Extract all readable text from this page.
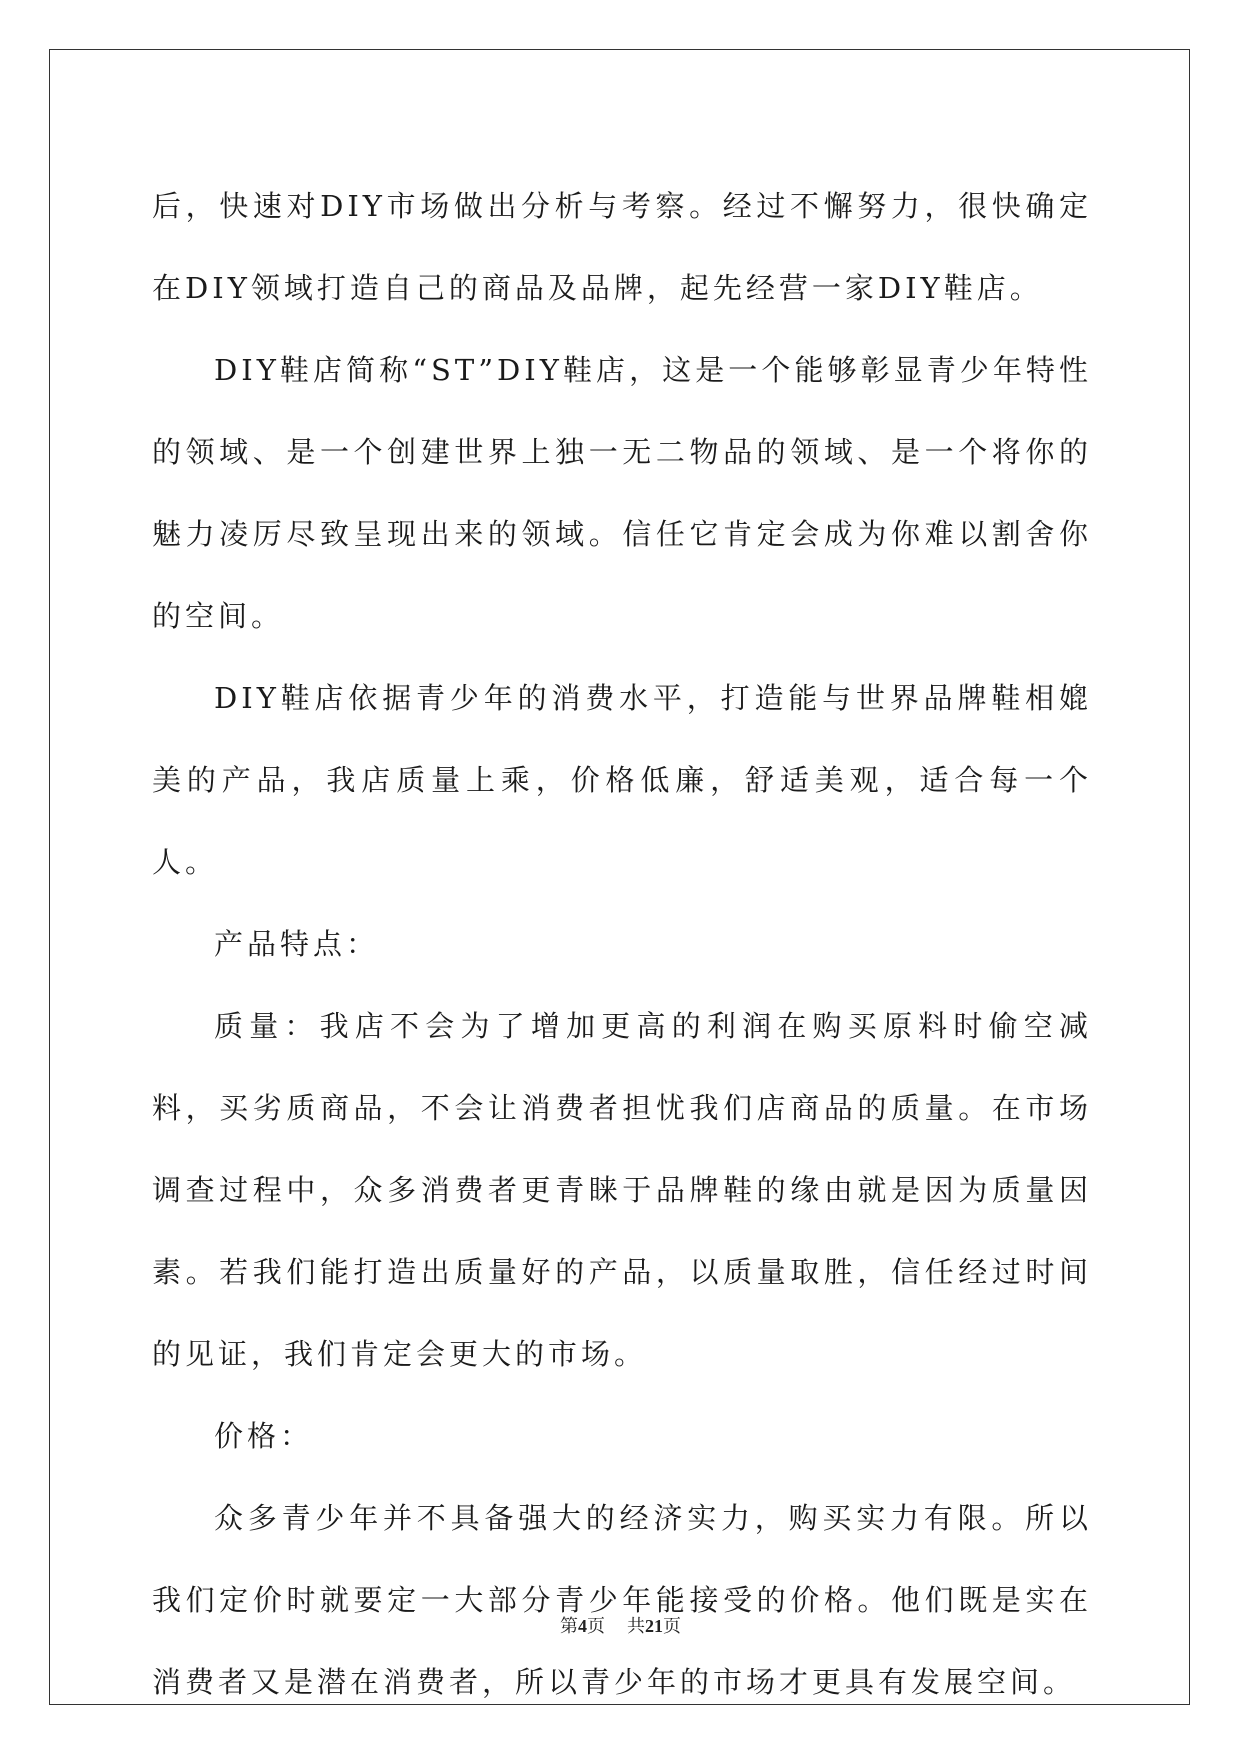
后，快速对DIY市场做出分析与考察。经过不懈努力，很快确定在DIY领域打造自己的商品及品牌，起先经营一家DIY鞋店。

DIY鞋店简称“ST”DIY鞋店，这是一个能够彰显青少年特性的领域、是一个创建世界上独一无二物品的领域、是一个将你的魅力凌厉尽致呈现出来的领域。信任它肯定会成为你难以割舍你的空间。

DIY鞋店依据青少年的消费水平，打造能与世界品牌鞋相媲美的产品，我店质量上乘，价格低廉，舒适美观，适合每一个人。

产品特点：

质量：我店不会为了增加更高的利润在购买原料时偷空减料，买劣质商品，不会让消费者担忧我们店商品的质量。在市场调查过程中，众多消费者更青睐于品牌鞋的缘由就是因为质量因素。若我们能打造出质量好的产品，以质量取胜，信任经过时间的见证，我们肯定会更大的市场。

价格：

众多青少年并不具备强大的经济实力，购买实力有限。所以我们定价时就要定一大部分青少年能接受的价格。他们既是实在消费者又是潜在消费者，所以青少年的市场才更具有发展空间。

第4页 共21页
